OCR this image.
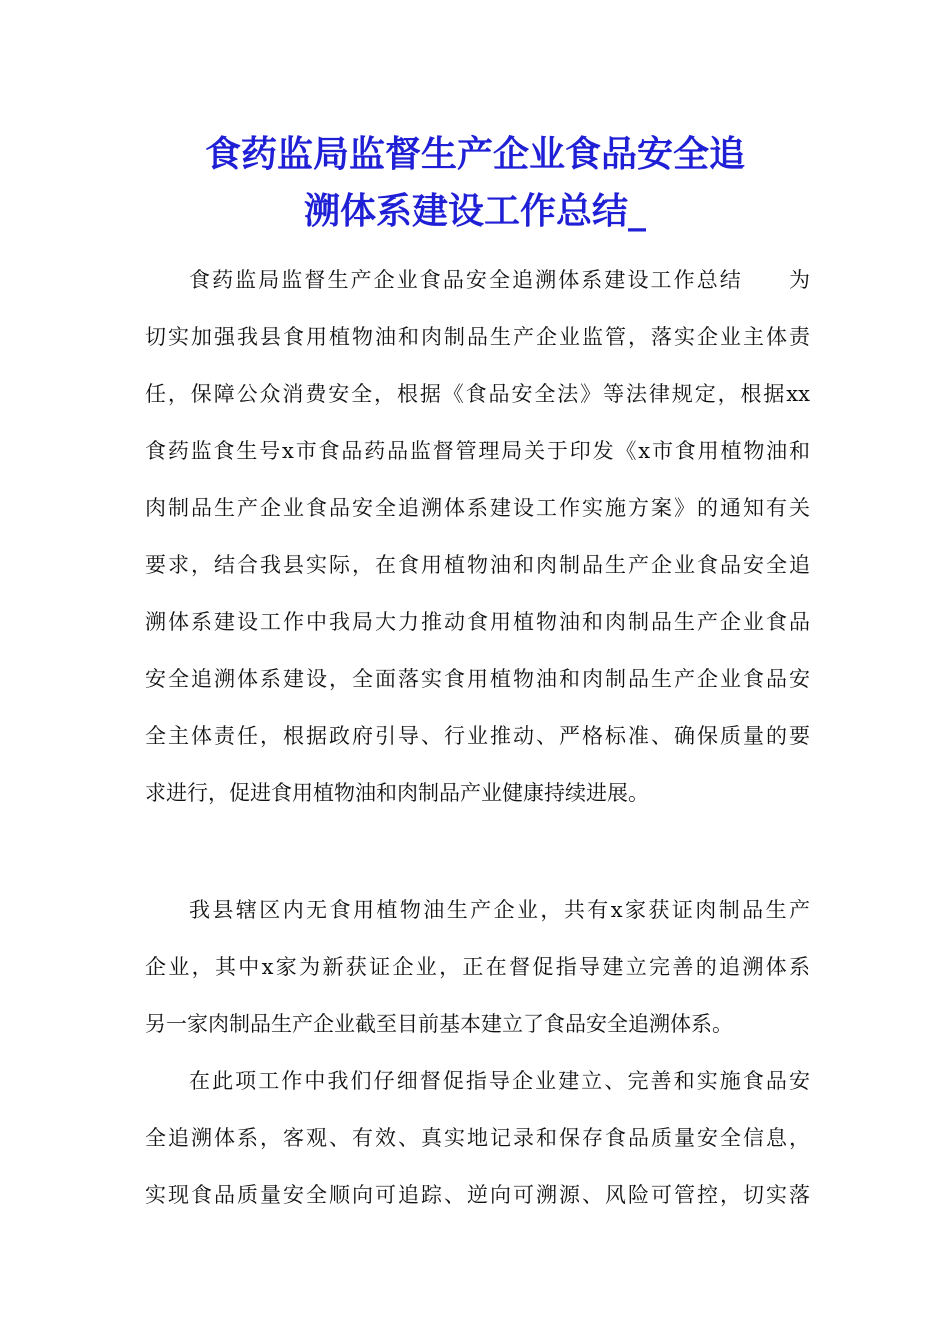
食药监局监督生产企业食品安全追
溯体系建设工作总结_
食药监局监督生产企业食品安全追溯体系建设工作总结　　为
切实加强我县食用植物油和肉制品生产企业监管，落实企业主体责
任，保障公众消费安全，根据《食品安全法》等法律规定，根据xx
食药监食生号x市食品药品监督管理局关于印发《x市食用植物油和
肉制品生产企业食品安全追溯体系建设工作实施方案》的通知有关
要求，结合我县实际，在食用植物油和肉制品生产企业食品安全追
溯体系建设工作中我局大力推动食用植物油和肉制品生产企业食品
安全追溯体系建设，全面落实食用植物油和肉制品生产企业食品安
全主体责任，根据政府引导、行业推动、严格标准、确保质量的要
求进行，促进食用植物油和肉制品产业健康持续进展。
我县辖区内无食用植物油生产企业，共有x家获证肉制品生产
企业，其中x家为新获证企业，正在督促指导建立完善的追溯体系
另一家肉制品生产企业截至目前基本建立了食品安全追溯体系。
在此项工作中我们仔细督促指导企业建立、完善和实施食品安
全追溯体系，客观、有效、真实地记录和保存食品质量安全信息，
实现食品质量安全顺向可追踪、逆向可溯源、风险可管控，切实落
